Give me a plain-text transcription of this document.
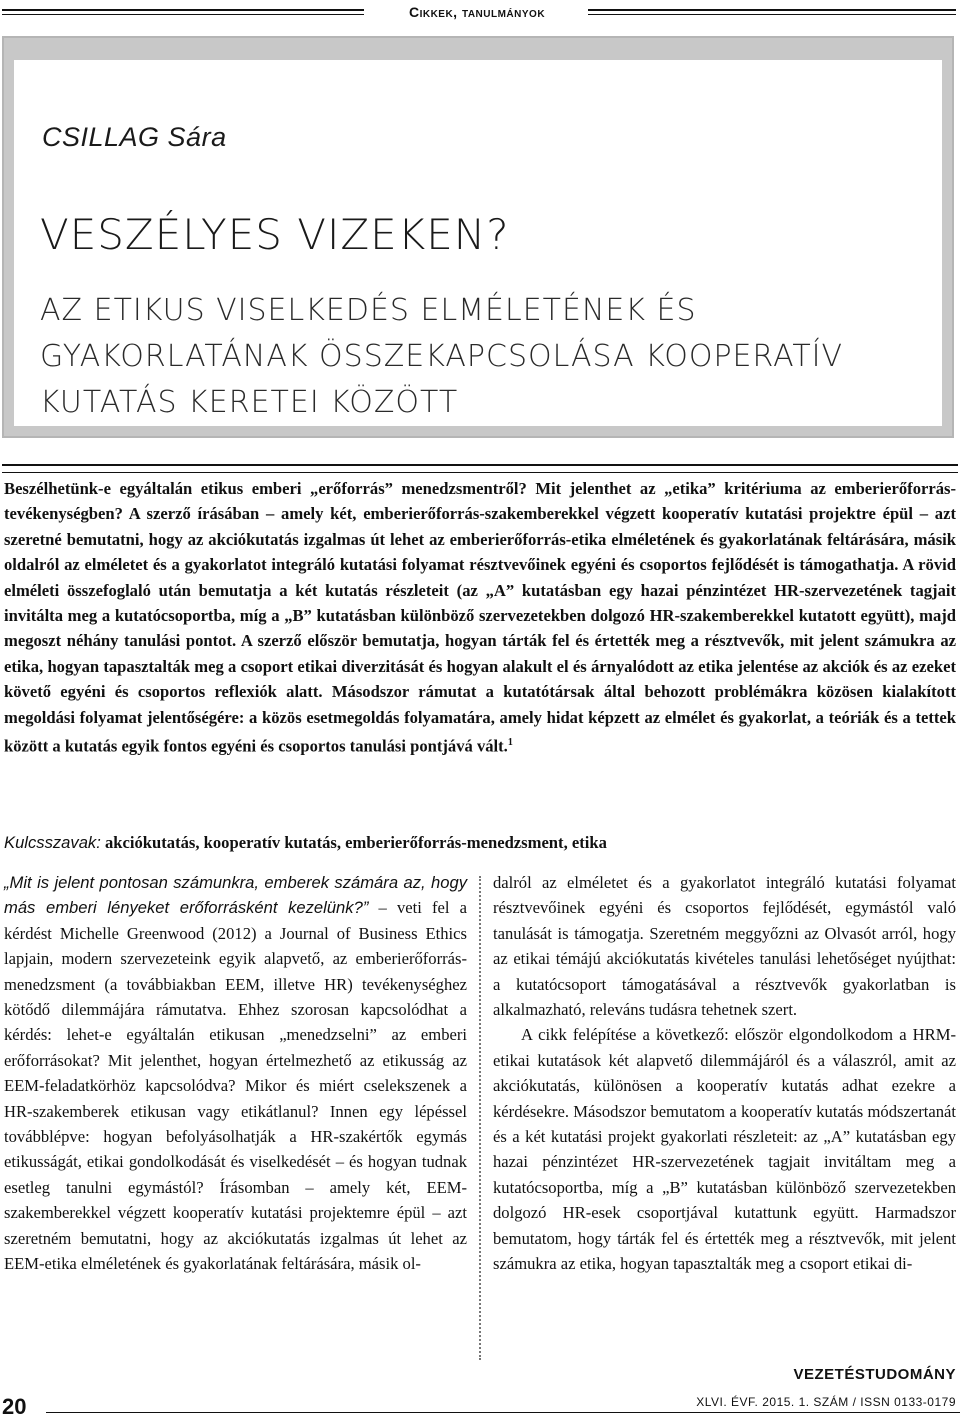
Cikkek, tanulmányok
CSILLAG Sára
VESZÉLYES VIZEKEN?
AZ ETIKUS VISELKEDÉS ELMÉLETÉNEK ÉS
GYAKORLATÁNAK ÖSSZEKAPCSOLÁSA KOOPERATÍV
KUTATÁS KERETEI KÖZÖTT
Beszélhetünk-e egyáltalán etikus emberi „erőforrás” menedzsmentről? Mit jelenthet az „etika” kritériuma az emberierőforrás-tevékenységben? A szerző írásában – amely két, emberierőforrás-szakemberekkel végzett kooperatív kutatási projektre épül – azt szeretné bemutatni, hogy az akciókutatás izgalmas út lehet az emberierőforrás-etika elméletének és gyakorlatának feltárására, másik oldalról az elméletet és a gyakorlatot integráló kutatási folyamat résztvevőinek egyéni és csoportos fejlődését is támogathatja. A rövid elméleti összefoglaló után bemutatja a két kutatás részleteit (az „A” kutatásban egy hazai pénzintézet HR-szervezetének tagjait invitálta meg a kutatócsoportba, míg a „B” kutatásban különböző szervezetekben dolgozó HR-szakemberekkel kutatott együtt), majd megoszt néhány tanulási pontot. A szerző először bemutatja, hogyan tárták fel és értették meg a résztvevők, mit jelent számukra az etika, hogyan tapasztalták meg a csoport etikai diverzitását és hogyan alakult el és árnyalódott az etika jelentése az akciók és az ezeket követő egyéni és csoportos reflexiók alatt. Másodszor rámutat a kutatótársak által behozott problémákra közösen kialakított megoldási folyamat jelentőségére: a közös esetmegoldás folyamatára, amely hidat képzett az elmélet és gyakorlat, a teóriák és a tettek között a kutatás egyik fontos egyéni és csoportos tanulási pontjává vált.$^1$
Kulcsszavak: akciókutatás, kooperatív kutatás, emberierőforrás-menedzsment, etika

„Mit is jelent pontosan számunkra, emberek számára az, hogy más emberi lényeket erőforrásként kezelünk?” – veti fel a kérdést Michelle Greenwood (2012) a Journal of Business Ethics lapjain, modern szervezeteink egyik alapvető, az emberierőforrás-menedzsment (a továbbiakban EEM, illetve HR) tevékenységhez kötődő dilemmájára rámutatva. Ehhez szorosan kapcsolódhat a kérdés: lehet-e egyáltalán etikusan „menedzselni” az emberi erőforrásokat? Mit jelenthet, hogyan értelmezhető az etikusság az EEM-feladatkörhöz kapcsolódva? Mikor és miért cselekszenek a HR-szakemberek etikusan vagy etikátlanul? Innen egy lépéssel továbblépve: hogyan befolyásolhatják a HR-szakértők egymás etikusságát, etikai gondolkodását és viselkedését – és hogyan tudnak esetleg tanulni egymástól? Írásomban – amely két, EEM-szakemberekkel végzett kooperatív kutatási projektemre épül – azt szeretném bemutatni, hogy az akciókutatás izgalmas út lehet az EEM-etika elméletének és gyakorlatának feltárására, másik ol-

dalról az elméletet és a gyakorlatot integráló kutatási folyamat résztvevőinek egyéni és csoportos fejlődését, egymástól való tanulását is támogatja. Szeretném meggyőzni az Olvasót arról, hogy az etikai témájú akciókutatás kivételes tanulási lehetőséget nyújthat: a kutatócsoport támogatásával a résztvevők gyakorlatban is alkalmazható, releváns tudásra tehetnek szert.

A cikk felépítése a következő: először elgondolkodom a HRM-etikai kutatások két alapvető dilemmájáról és a válaszról, amit az akciókutatás, különösen a kooperatív kutatás adhat ezekre a kérdésekre. Másodszor bemutatom a kooperatív kutatás módszertanát és a két kutatási projekt gyakorlati részleteit: az „A” kutatásban egy hazai pénzintézet HR-szervezetének tagjait invitáltam meg a kutatócsoportba, míg a „B” kutatásban különböző szervezetekben dolgozó HR-esek csoportjával kutattunk együtt. Harmadszor bemutatom, hogy tárták fel és értették meg a résztvevők, mit jelent számukra az etika, hogyan tapasztalták meg a csoport etikai di-

20
VEZETÉSTUDOMÁNY
XLVI. ÉVF. 2015. 1. SZÁM / ISSN 0133-0179
